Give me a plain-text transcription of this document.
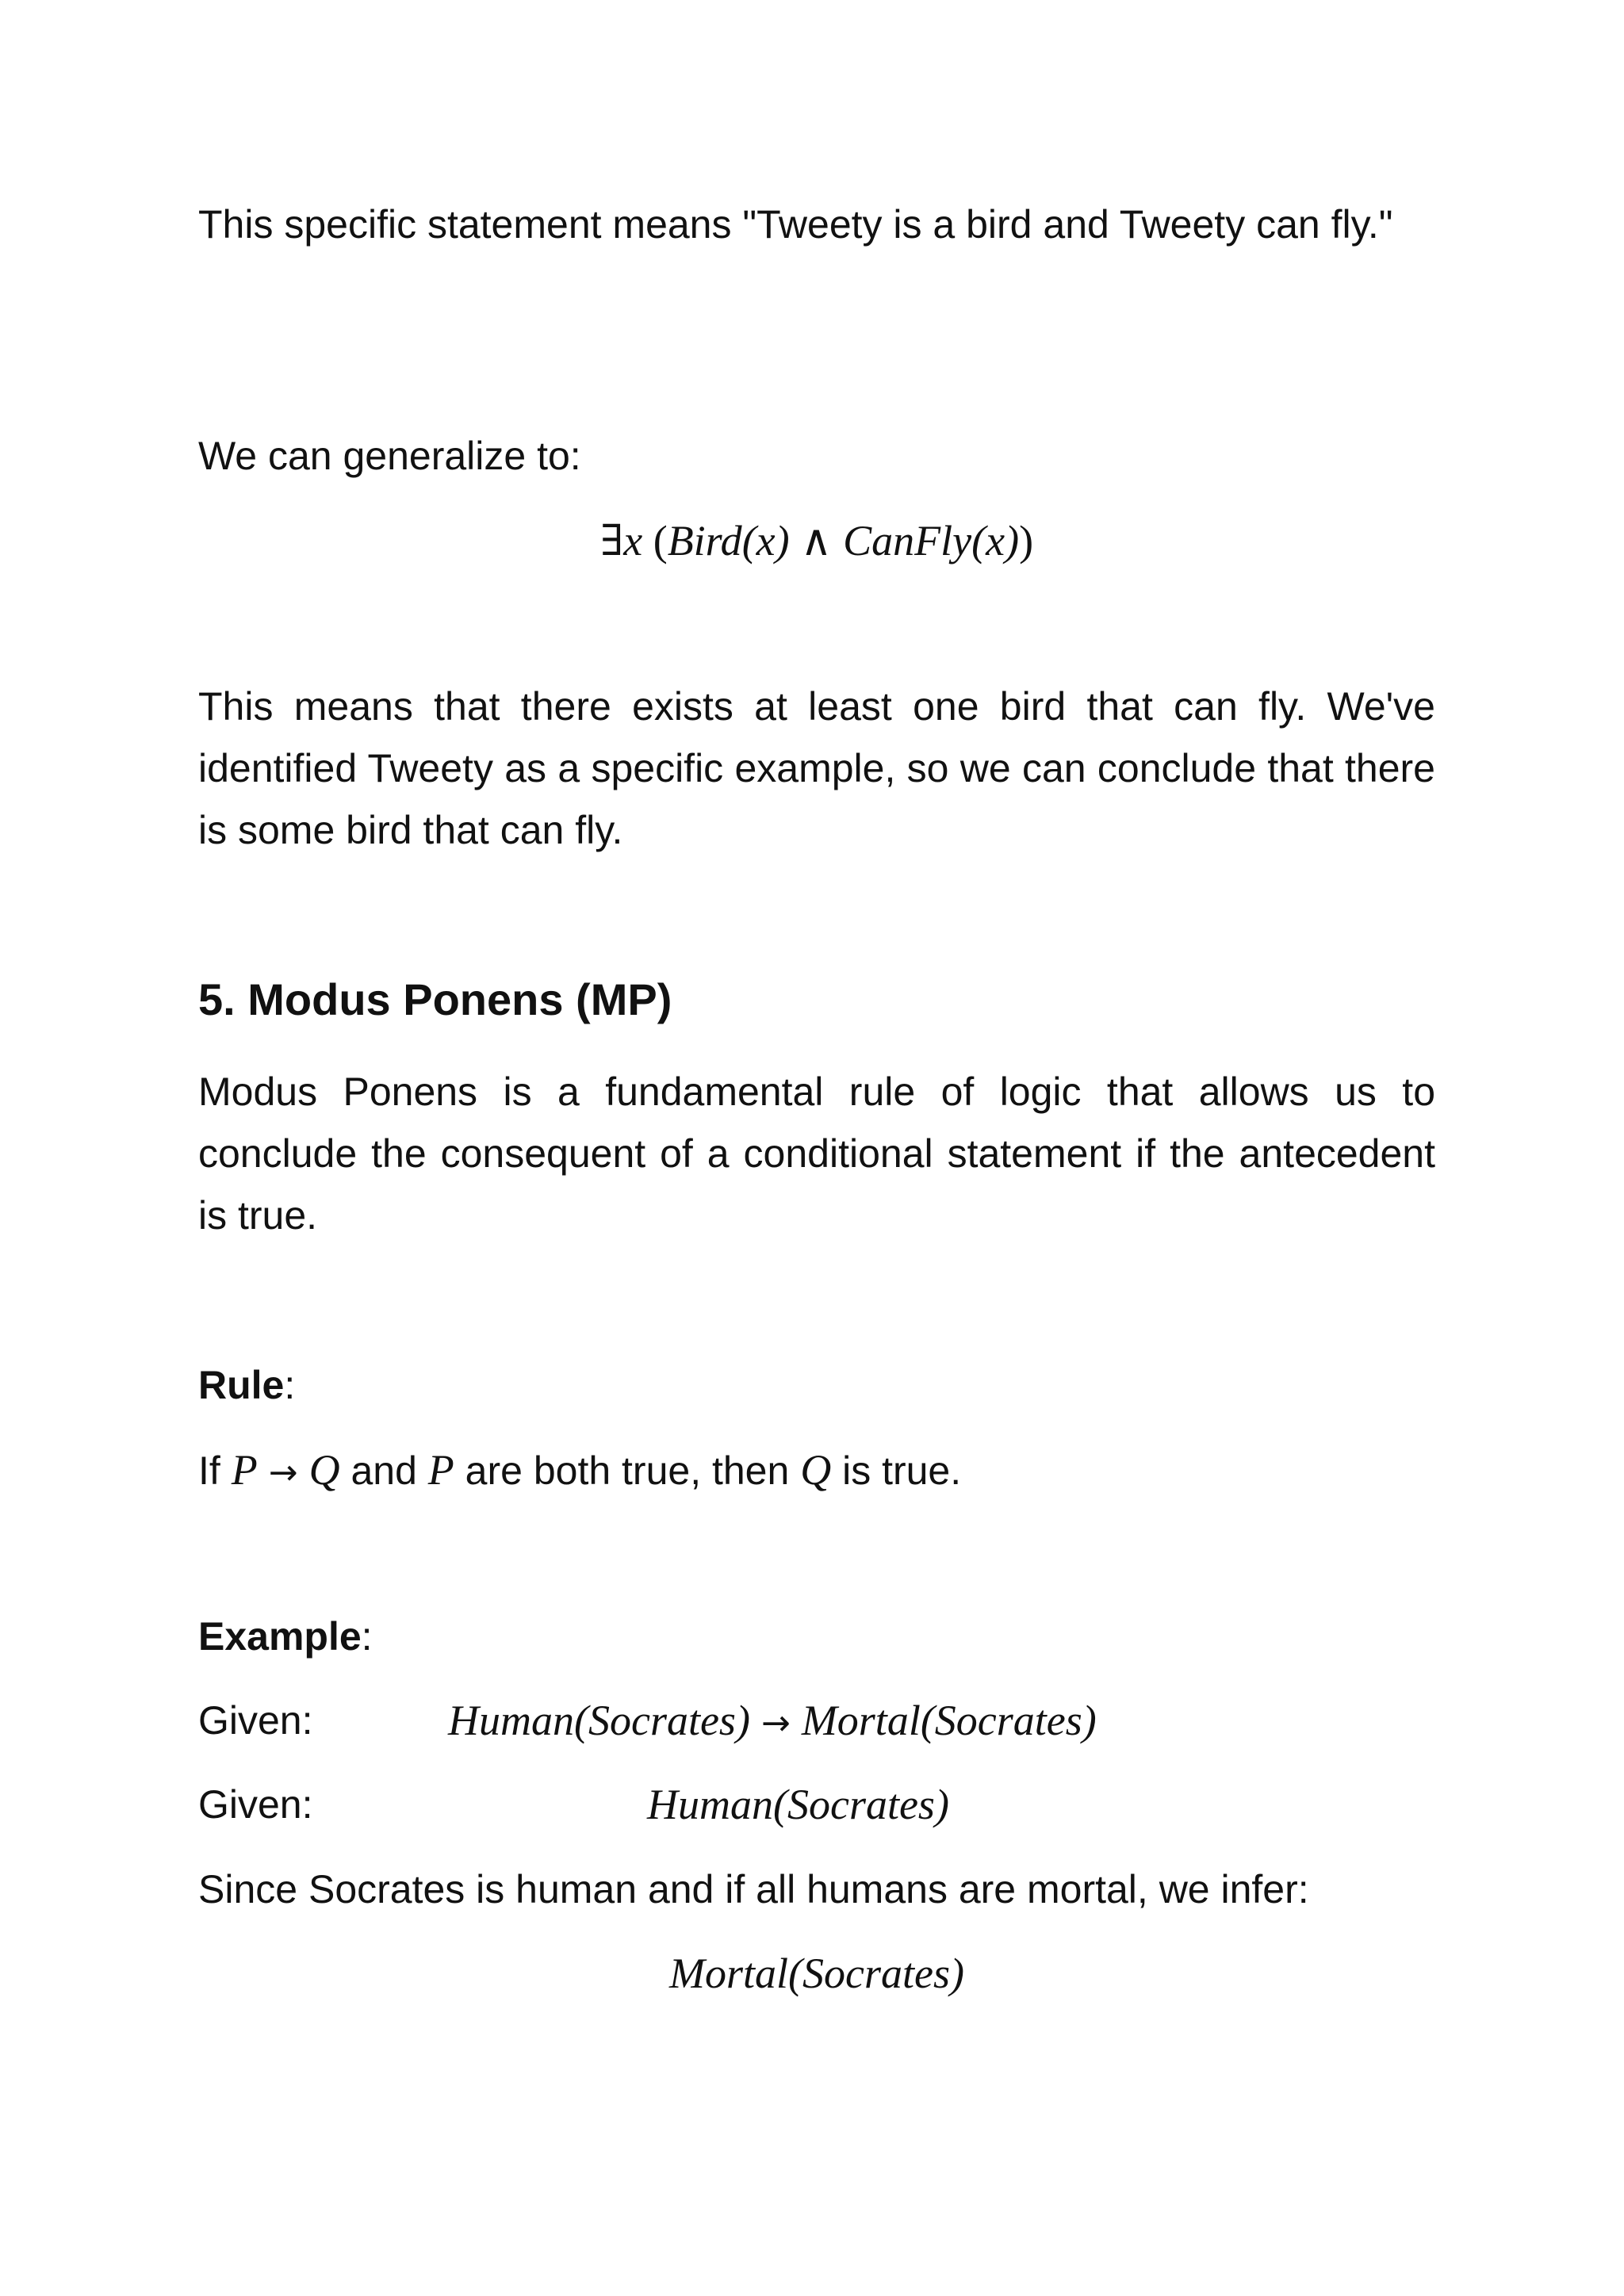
This specific statement means "Tweety is a bird and Tweety can fly."

We can generalize to:

∃x (Bird(x) ∧ CanFly(x))

This means that there exists at least one bird that can fly. We've identified Tweety as a specific example, so we can conclude that there is some bird that can fly.

5. Modus Ponens (MP)

Modus Ponens is a fundamental rule of logic that allows us to conclude the consequent of a conditional statement if the antecedent is true.

Rule:

If P → Q and P are both true, then Q is true.

Example:

Given:	Human(Socrates) → Mortal(Socrates)
Given:	Human(Socrates)

Since Socrates is human and if all humans are mortal, we infer:

Mortal(Socrates)
